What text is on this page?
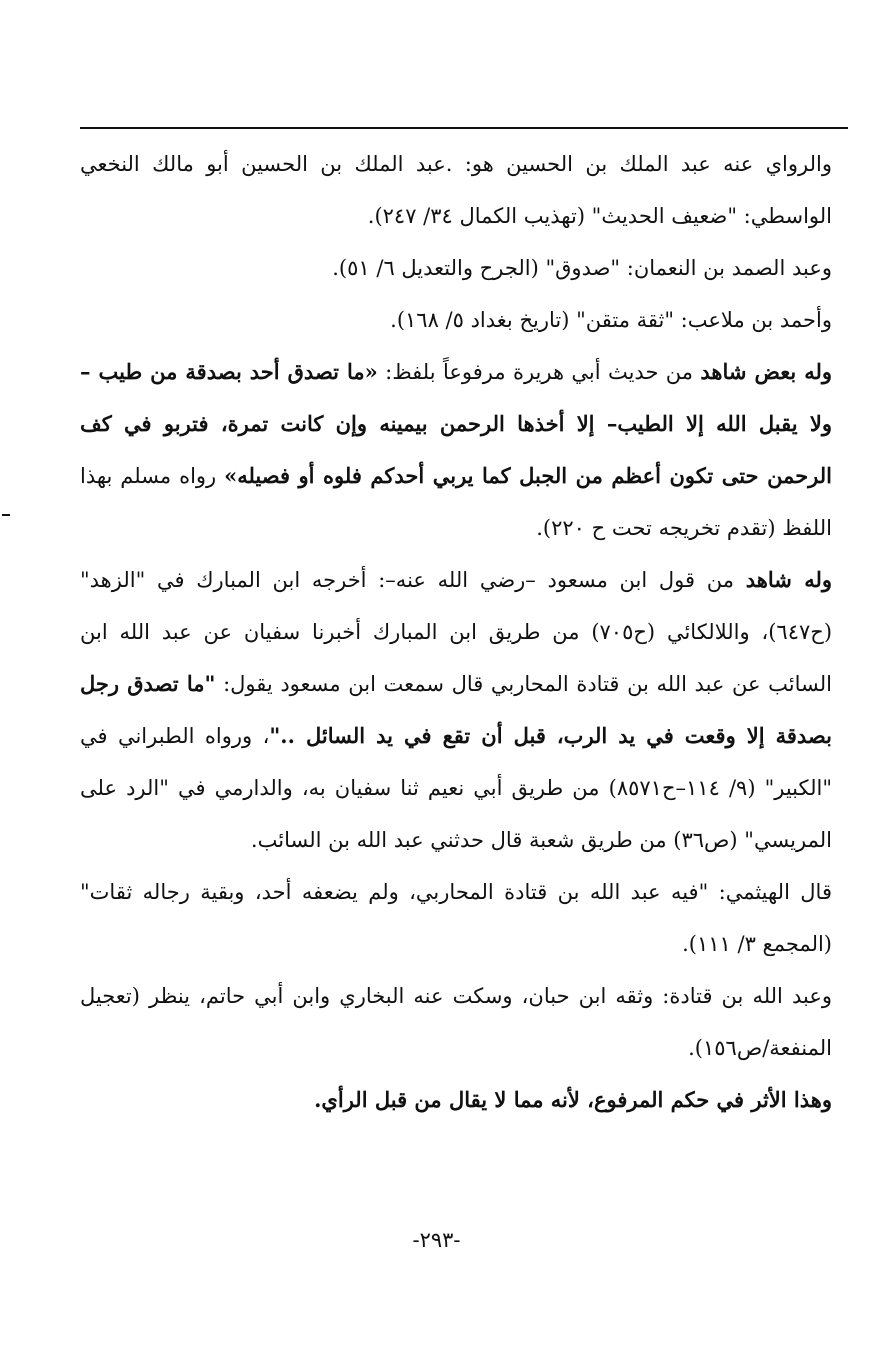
والرواي عنه عبد الملك بن الحسين هو: .عبد الملك بن الحسين أبو مالك النخعي الواسطي: "ضعيف الحديث" (تهذيب الكمال ٣٤/ ٢٤٧).

وعبد الصمد بن النعمان: "صدوق" (الجرح والتعديل ٦/ ٥١).

وأحمد بن ملاعب: "ثقة متقن" (تاريخ بغداد ٥/ ١٦٨).

وله بعض شاهد من حديث أبي هريرة مرفوعاً بلفظ: «ما تصدق أحد بصدقة من طيب –ولا يقبل الله إلا الطيب– إلا أخذها الرحمن بيمينه وإن كانت تمرة، فتربو في كف الرحمن حتى تكون أعظم من الجبل كما يربي أحدكم فلوه أو فصيله» رواه مسلم بهذا اللفظ (تقدم تخريجه تحت ح ٢٢٠).

وله شاهد من قول ابن مسعود –رضي الله عنه–: أخرجه ابن المبارك في "الزهد" (ح٦٤٧)، واللالكائي (ح٧٠٥) من طريق ابن المبارك أخبرنا سفيان عن عبد الله ابن السائب عن عبد الله بن قتادة المحاربي قال سمعت ابن مسعود يقول: "ما تصدق رجل بصدقة إلا وقعت في يد الرب، قبل أن تقع في يد السائل .."، ورواه الطبراني في "الكبير" (٩/ ١١٤–ح٨٥٧١) من طريق أبي نعيم ثنا سفيان به، والدارمي في "الرد على المريسي" (ص٣٦) من طريق شعبة قال حدثني عبد الله بن السائب.

قال الهيثمي: "فيه عبد الله بن قتادة المحاربي، ولم يضعفه أحد، وبقية رجاله ثقات" (المجمع ٣/ ١١١).

وعبد الله بن قتادة: وثقه ابن حبان، وسكت عنه البخاري وابن أبي حاتم، ينظر (تعجيل المنفعة/ص١٥٦).

وهذا الأثر في حكم المرفوع، لأنه مما لا يقال من قبل الرأي.

-٢٩٣-
